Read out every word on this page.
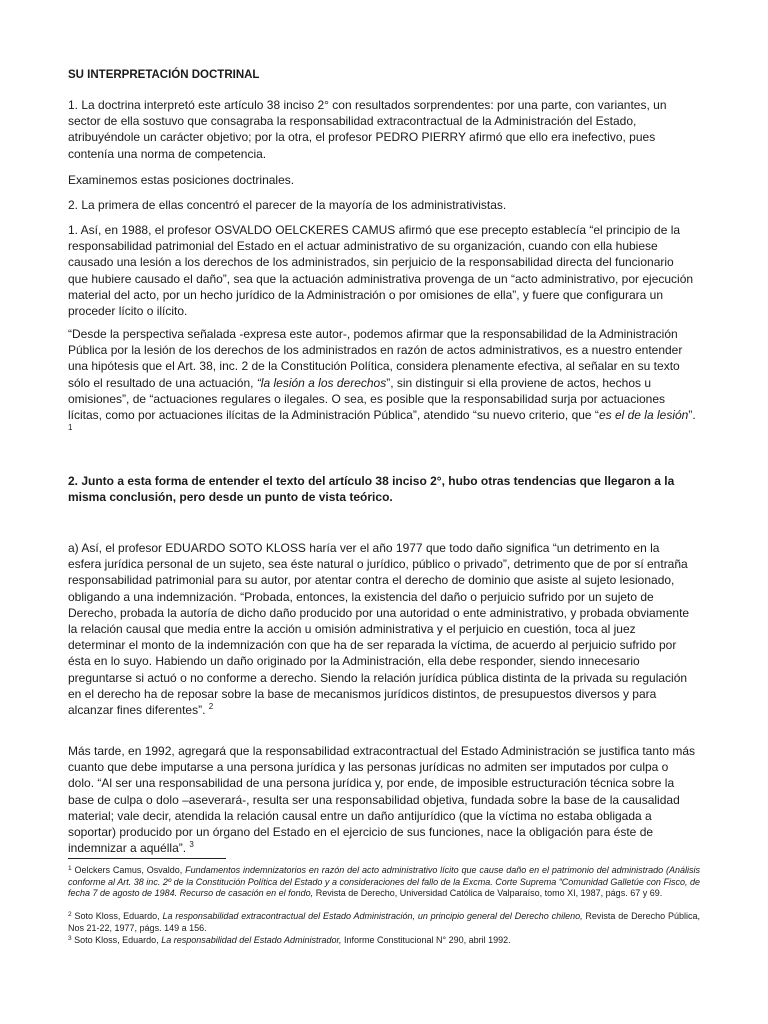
SU INTERPRETACIÓN DOCTRINAL
1. La doctrina interpretó este artículo 38 inciso 2° con resultados sorprendentes: por una parte, con variantes, un sector de ella sostuvo que consagraba la responsabilidad extracontractual de la Administración del Estado, atribuyéndole un carácter objetivo; por la otra, el profesor PEDRO PIERRY afirmó que ello era inefectivo, pues contenía una norma de competencia.
Examinemos estas posiciones doctrinales.
2. La primera de ellas concentró el parecer de la mayoría de los administrativistas.
1. Así, en 1988, el profesor OSVALDO OELCKERES CAMUS afirmó que ese precepto establecía “el principio de la responsabilidad patrimonial del Estado en el actuar administrativo de su organización, cuando con ella hubiese causado una lesión a los derechos de los administrados, sin perjuicio de la responsabilidad directa del funcionario que hubiere causado el daño”, sea que la actuación administrativa provenga de un “acto administrativo, por ejecución material del acto, por un hecho jurídico de la Administración o por omisiones de ella”, y fuere que configurara un proceder lícito o ilícito.
“Desde la perspectiva señalada -expresa este autor-, podemos afirmar que la responsabilidad de la Administración Pública por la lesión de los derechos de los administrados en razón de actos administrativos, es a nuestro entender una hipótesis que el Art. 38, inc. 2 de la Constitución Política, considera plenamente efectiva, al señalar en su texto sólo el resultado de una actuación, “la lesión a los derechos”, sin distinguir si ella proviene de actos, hechos u omisiones”, de “actuaciones regulares o ilegales. O sea, es posible que la responsabilidad surja por actuaciones lícitas, como por actuaciones ilícitas de la Administración Pública”, atendido “su nuevo criterio, que “es el de la lesión”. $^1$
2. Junto a esta forma de entender el texto del artículo 38 inciso 2°, hubo otras tendencias que llegaron a la misma conclusión, pero desde un punto de vista teórico.
a) Así, el profesor EDUARDO SOTO KLOSS haría ver el año 1977 que todo daño significa “un detrimento en la esfera jurídica personal de un sujeto, sea éste natural o jurídico, público o privado”, detrimento que de por sí entraña responsabilidad patrimonial para su autor, por atentar contra el derecho de dominio que asiste al sujeto lesionado, obligando a una indemnización. “Probada, entonces, la existencia del daño o perjuicio sufrido por un sujeto de Derecho, probada la autoría de dicho daño producido por una autoridad o ente administrativo, y probada obviamente la relación causal que media entre la acción u omisión administrativa y el perjuicio en cuestión, toca al juez determinar el monto de la indemnización con que ha de ser reparada la víctima, de acuerdo al perjuicio sufrido por ésta en lo suyo. Habiendo un daño originado por la Administración, ella debe responder, siendo innecesario preguntarse si actuó o no conforme a derecho. Siendo la relación jurídica pública distinta de la privada su regulación en el derecho ha de reposar sobre la base de mecanismos jurídicos distintos, de presupuestos diversos y para alcanzar fines diferentes”. $^2$
Más tarde, en 1992, agregará que la responsabilidad extracontractual del Estado Administración se justifica tanto más cuanto que debe imputarse a una persona jurídica y las personas jurídicas no admiten ser imputados por culpa o dolo. “Al ser una responsabilidad de una persona jurídica y, por ende, de imposible estructuración técnica sobre la base de culpa o dolo –aseverará-, resulta ser una responsabilidad objetiva, fundada sobre la base de la causalidad material; vale decir, atendida la relación causal entre un daño antijurídico (que la víctima no estaba obligada a soportar) producido por un órgano del Estado en el ejercicio de sus funciones, nace la obligación para éste de indemnizar a aquélla”. $^3$
$^1$ Oelckers Camus, Osvaldo, Fundamentos indemnizatorios en razón del acto administrativo lícito que cause daño en el patrimonio del administrado (Análisis conforme al Art. 38 inc. 2º de la Constitución Política del Estado y a consideraciones del fallo de la Excma. Corte Suprema “Comunidad Galletúe con Fisco, de fecha 7 de agosto de 1984. Recurso de casación en el fondo, Revista de Derecho, Universidad Católica de Valparaíso, tomo XI, 1987, págs. 67 y 69.
$^2$ Soto Kloss, Eduardo, La responsabilidad extracontractual del Estado Administración, un principio general del Derecho chileno, Revista de Derecho Pública, Nos 21-22, 1977, págs. 149 a 156.
$^3$ Soto Kloss, Eduardo, La responsabilidad del Estado Administrador, Informe Constitucional N° 290, abril 1992.
